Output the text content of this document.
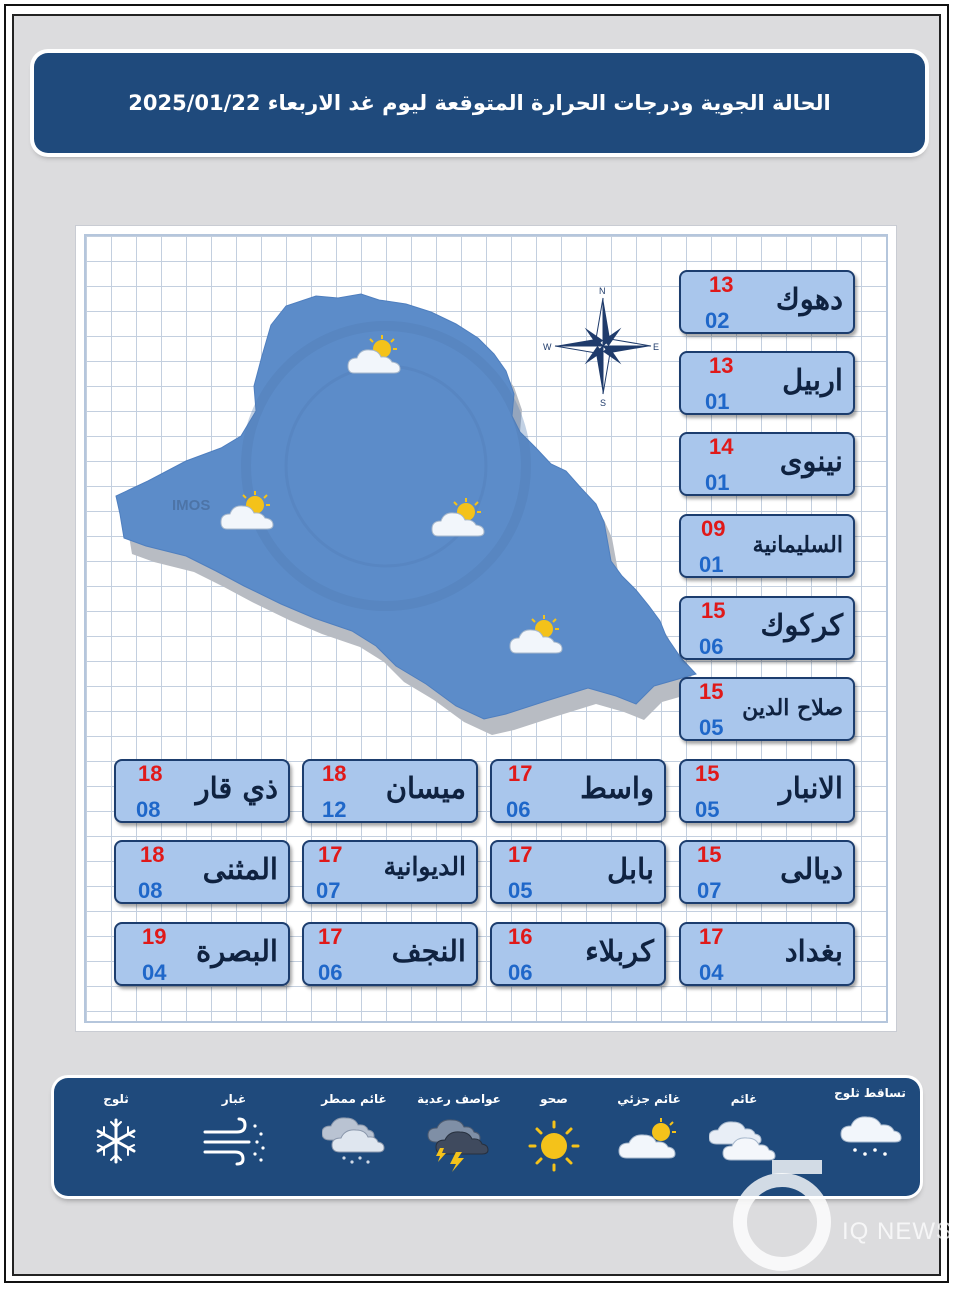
الحالة الجوية ودرجات الحرارة المتوقعة ليوم غد الاربعاء 2025/01/22
IMOS
N
S
E
W
دهوك
13
02
اربيل
13
01
نينوى
14
01
السليمانية
09
01
كركوك
15
06
صلاح الدين
15
05
الانبار
15
05
واسط
17
06
ميسان
18
12
ذي قار
18
08
ديالى
15
07
بابل
17
05
الديوانية
17
07
المثنى
18
08
بغداد
17
04
كربلاء
16
06
النجف
17
06
البصرة
19
04
تساقط ثلوج
غائم
غائم جزئي
صحو
عواصف رعدية
غائم ممطر
غبار
ثلوج
IQ NEWS
